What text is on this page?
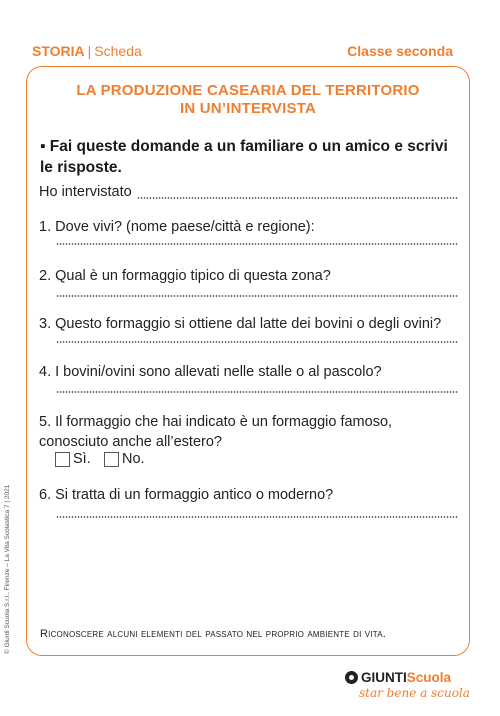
STORIA | Scheda	Classe seconda
LA PRODUZIONE CASEARIA DEL TERRITORIO
IN UN’INTERVISTA
▪ Fai queste domande a un familiare o un amico e scrivi le risposte.
Ho intervistato
1. Dove vivi? (nome paese/città e regione):
2. Qual è un formaggio tipico di questa zona?
3. Questo formaggio si ottiene dal latte dei bovini o degli ovini?
4. I bovini/ovini sono allevati nelle stalle o al pascolo?
5. Il formaggio che hai indicato è un formaggio famoso, conosciuto anche all’estero?
Sì. No.
6. Si tratta di un formaggio antico o moderno?
Riconoscere alcuni elementi del passato nel proprio ambiente di vita.
© Giunti Scuola S.r.l., Firenze – La Vita Scolastica 7 | 2021
GIUNTI Scuola
star bene a scuola
